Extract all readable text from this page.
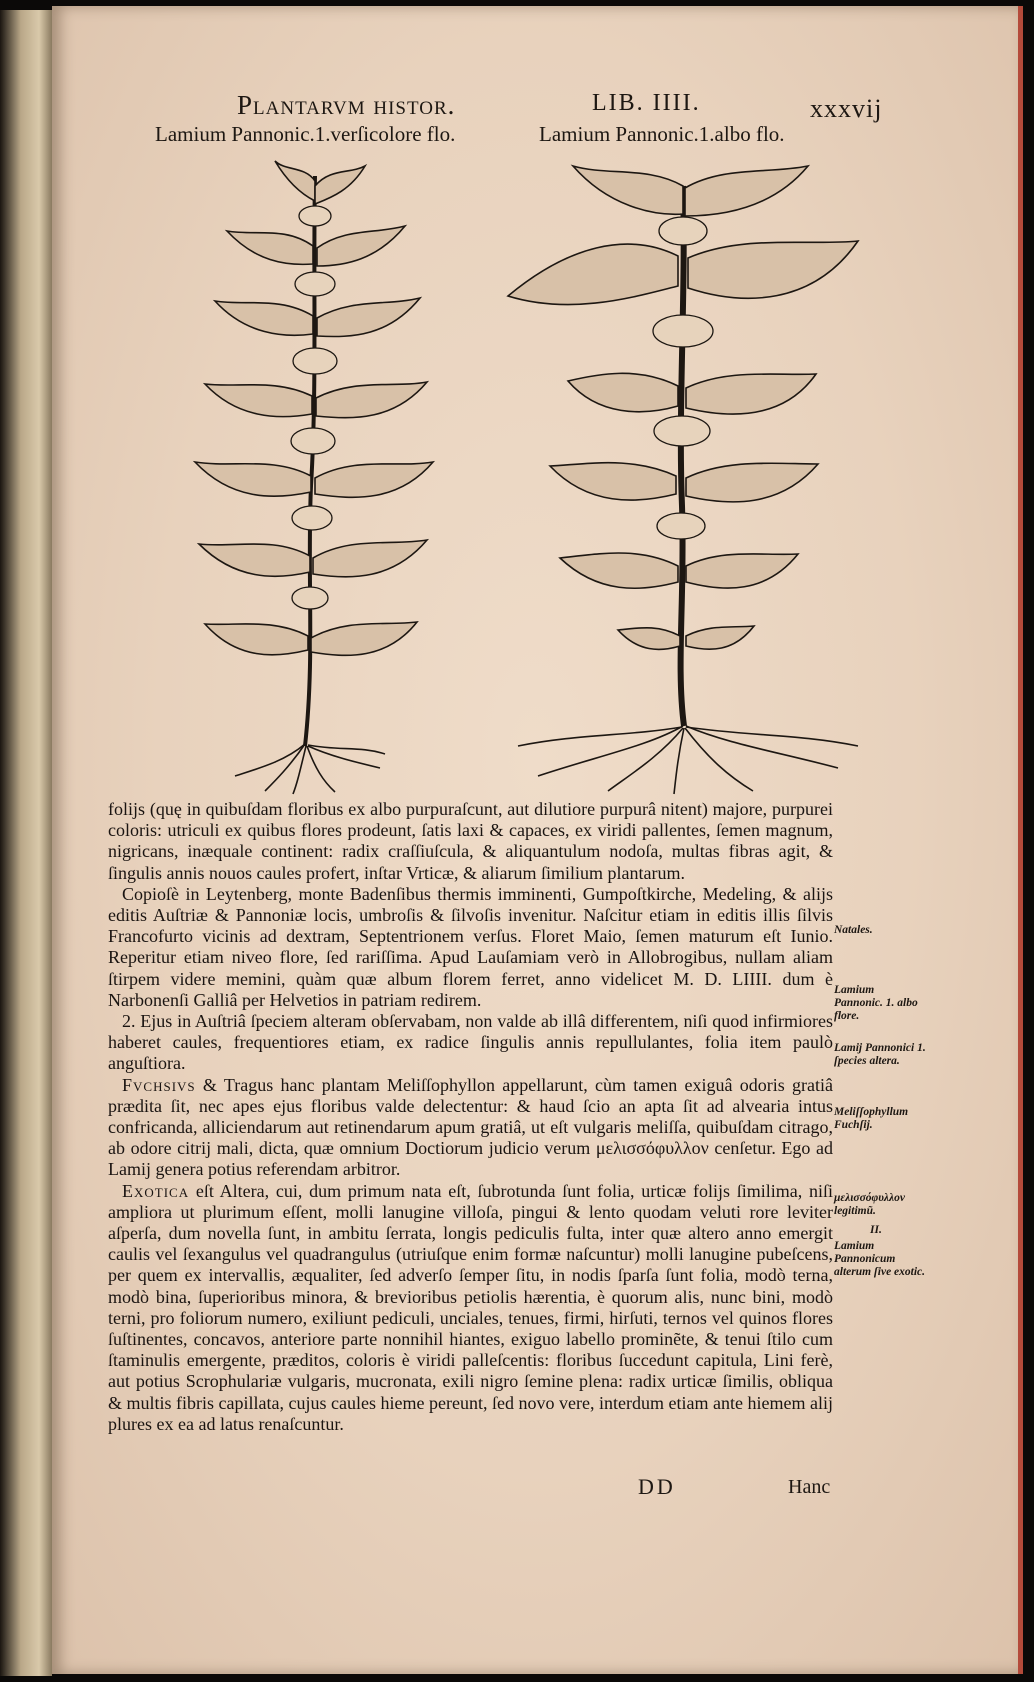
Plantarvm histor.	LIB. IIII.	xxxvij
Lamium Pannonic.1.verſicolore flo.	Lamium Pannonic.1.albo flo.

folijs (quę in quibuſdam floribus ex albo purpuraſcunt, aut dilutiore purpurâ nitent) majore, purpurei coloris: utriculi ex quibus flores prodeunt, ſatis laxi & capaces, ex viridi pallentes, ſemen magnum, nigricans, inæquale continent: radix craſſiuſcula, & aliquantulum nodoſa, multas fibras agit, & ſingulis annis nouos caules profert, inſtar Vrticæ, & aliarum ſimilium plantarum.

Copioſè in Leytenberg, monte Badenſibus thermis imminenti, Gumpoſtkirche, Medeling, & alijs editis Auſtriæ & Pannoniæ locis, umbroſis & ſilvoſis invenitur. Naſcitur etiam in editis illis ſilvis Francofurto vicinis ad dextram, Septentrionem verſus. Floret Maio, ſemen maturum eſt Iunio. Reperitur etiam niveo flore, ſed rariſſima. Apud Lauſamiam verò in Allobrogibus, nullam aliam ſtirpem videre memini, quàm quæ album florem ferret, anno videlicet M. D. LIIII. dum è Narbonenſi Galliâ per Helvetios in patriam redirem.

2. Ejus in Auſtriâ ſpeciem alteram obſervabam, non valde ab illâ differentem, niſi quod infirmiores haberet caules, frequentiores etiam, ex radice ſingulis annis repullulantes, folia item paulò anguſtiora.

Fvchsivs & Tragus hanc plantam Meliſſophyllon appellarunt, cùm tamen exiguâ odoris gratiâ prædita ſit, nec apes ejus floribus valde delectentur: & haud ſcio an apta ſit ad alvearia intus confricanda, alliciendarum aut retinendarum apum gratiâ, ut eſt vulgaris meliſſa, quibuſdam citrago, ab odore citrij mali, dicta, quæ omnium Doctiorum judicio verum μελισσόφυλλον cenſetur. Ego ad Lamij genera potius referendam arbitror.

Exotica eſt Altera, cui, dum primum nata eſt, ſubrotunda ſunt folia, urticæ folijs ſimilima, niſi ampliora ut plurimum eſſent, molli lanugine villoſa, pingui & lento quodam veluti rore leviter aſperſa, dum novella ſunt, in ambitu ſerrata, longis pediculis fulta, inter quæ altero anno emergit caulis vel ſexangulus vel quadrangulus (utriuſque enim formæ naſcuntur) molli lanugine pubeſcens, per quem ex intervallis, æqualiter, ſed adverſo ſemper ſitu, in nodis ſparſa ſunt folia, modò terna, modò bina, ſuperioribus minora, & brevioribus petiolis hærentia, è quorum alis, nunc bini, modò terni, pro foliorum numero, exiliunt pediculi, unciales, tenues, firmi, hirſuti, ternos vel quinos flores ſuſtinentes, concavos, anteriore parte nonnihil hiantes, exiguo labello prominẽte, & tenui ſtilo cum ſtaminulis emergente, præditos, coloris è viridi palleſcentis: floribus ſuccedunt capitula, Lini ferè, aut potius Scrophulariæ vulgaris, mucronata, exili nigro ſemine plena: radix urticæ ſimilis, obliqua & multis fibris capillata, cujus caules hieme pereunt, ſed novo vere, interdum etiam ante hiemem alij plures ex ea ad latus renaſcuntur.

Natales.
Lamium Pannonic. 1. albo flore.
Lamij Pannonici 1. ſpecies altera.
Meliſſophyllum Fuchſij.
μελισσόφυλλον legitimũ.
II.
Lamium Pannonicum alterum ſive exotic.
DD	Hanc
